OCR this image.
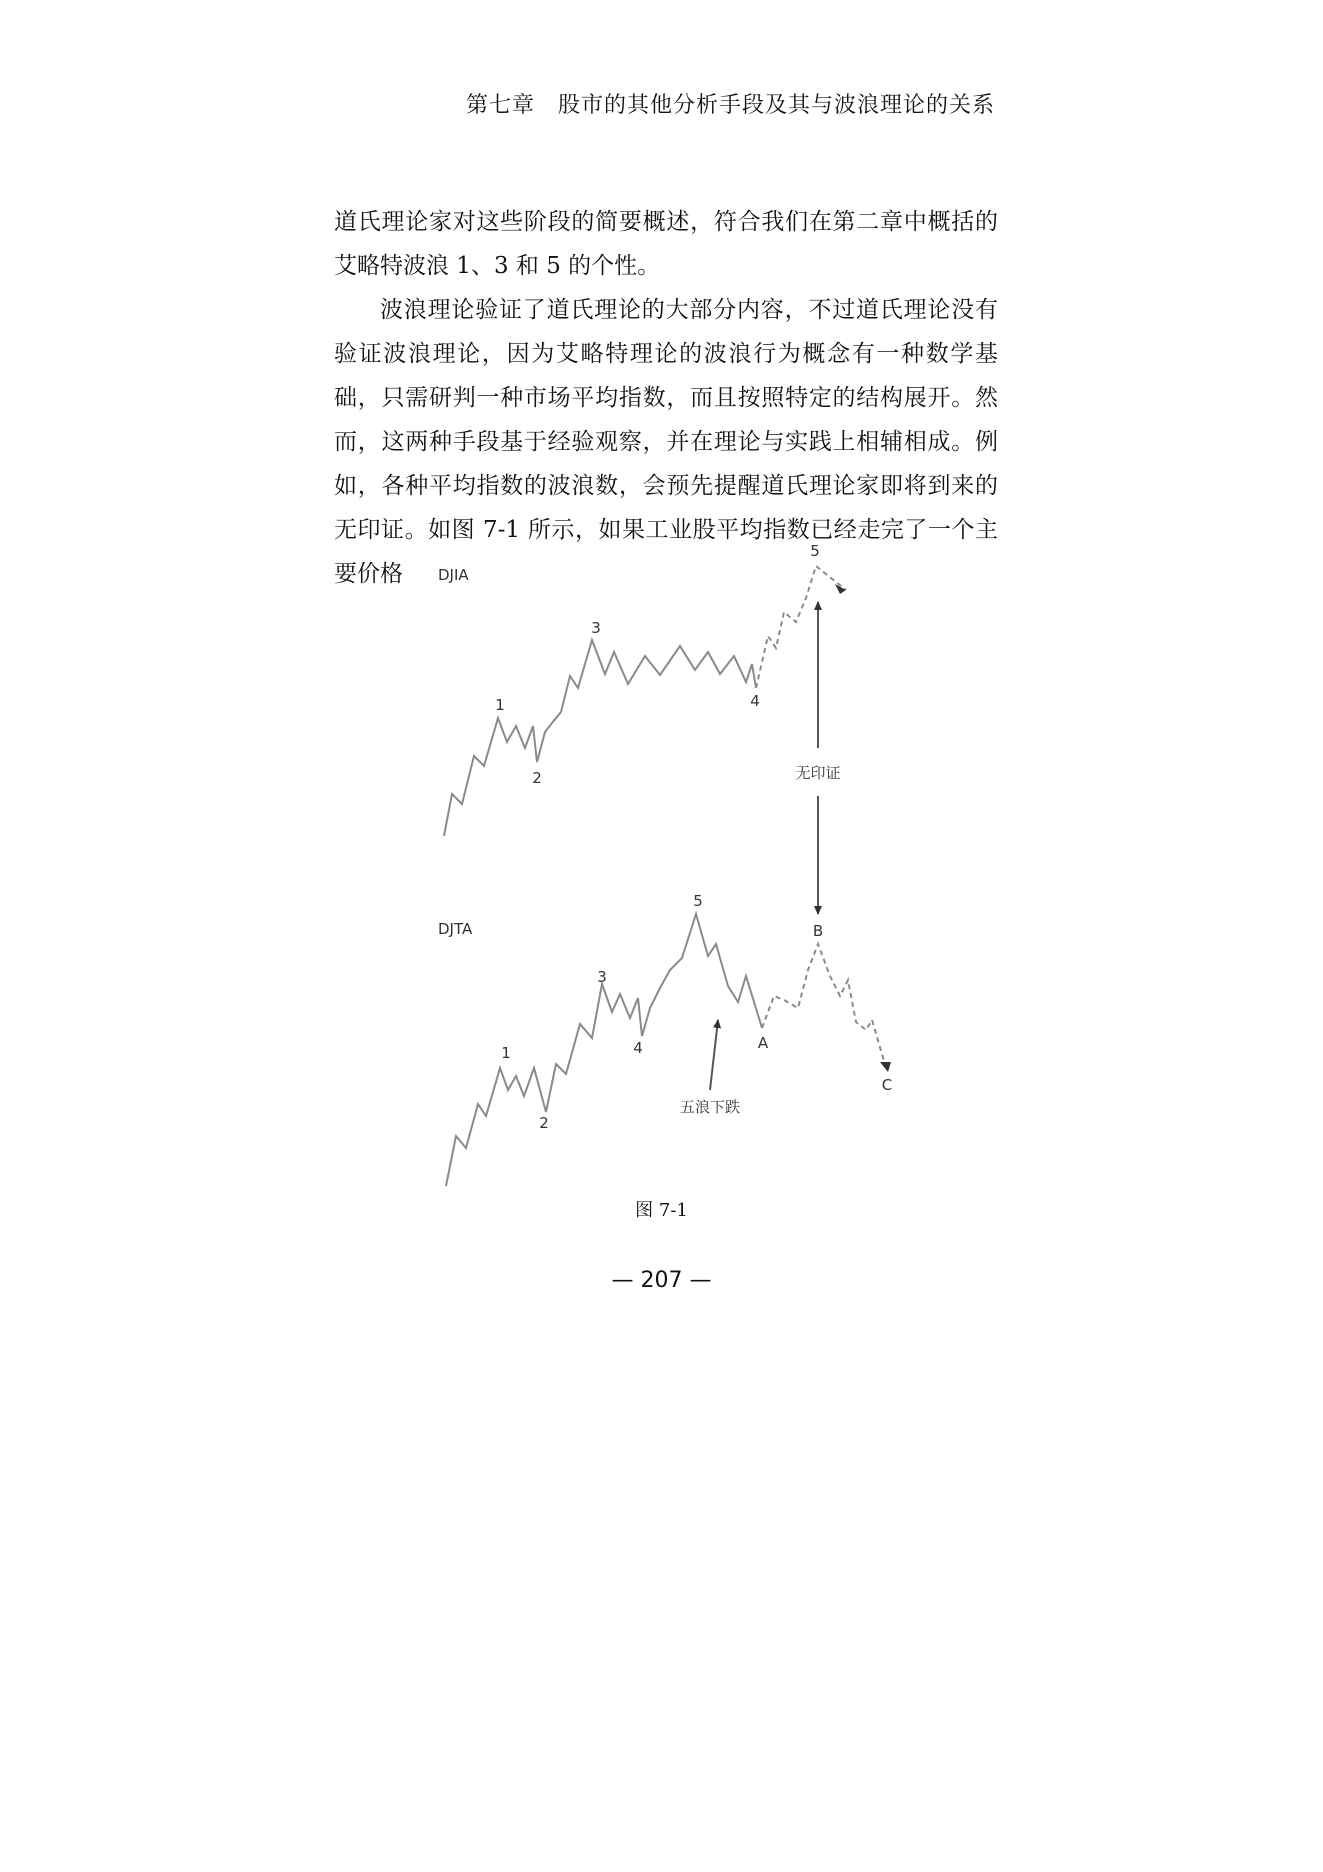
第七章　股市的其他分析手段及其与波浪理论的关系
道氏理论家对这些阶段的简要概述，符合我们在第二章中概括的艾略特波浪 1、3 和 5 的个性。
波浪理论验证了道氏理论的大部分内容，不过道氏理论没有验证波浪理论，因为艾略特理论的波浪行为概念有一种数学基础，只需研判一种市场平均指数，而且按照特定的结构展开。然而，这两种手段基于经验观察，并在理论与实践上相辅相成。例如，各种平均指数的波浪数，会预先提醒道氏理论家即将到来的无印证。如图 7-1 所示，如果工业股平均指数已经走完了一个主要价格	DJIA
1
2
3
4
5
无印证
DJTA
1
2
3
4
5
A
B
C
五浪下跌
图 7-1
— 207 —
